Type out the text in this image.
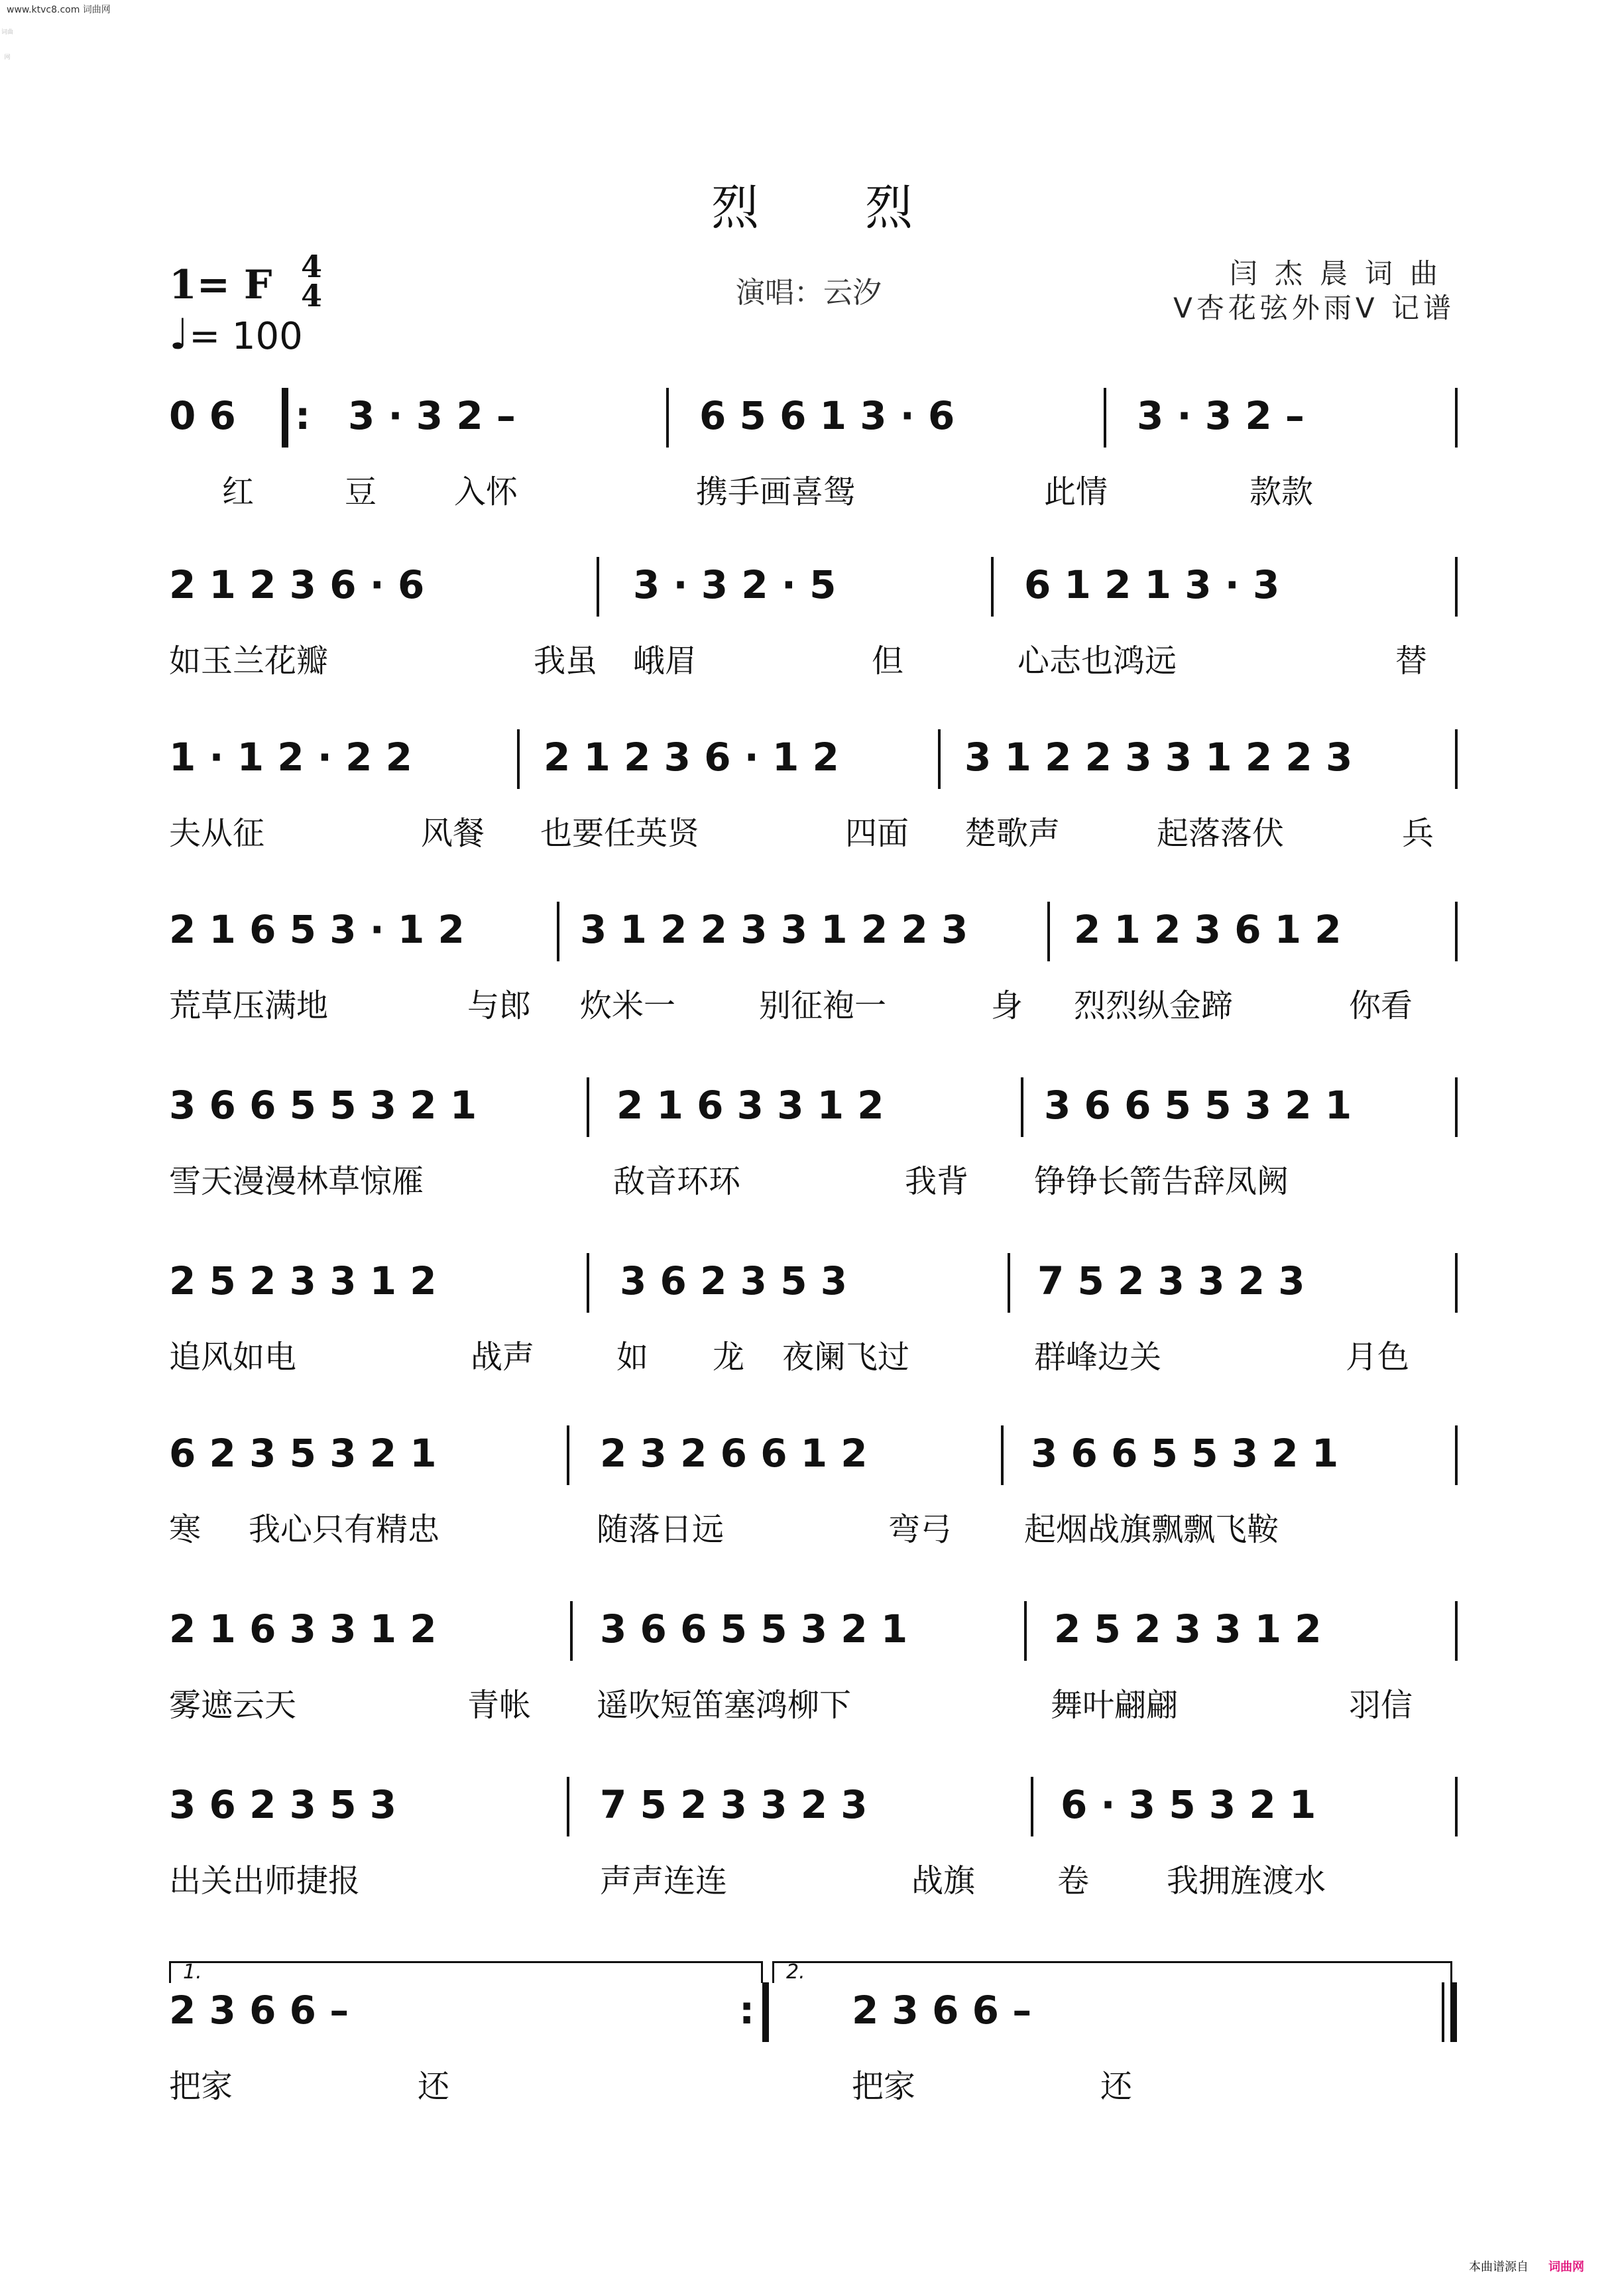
www.ktvc8.com 词曲网
词曲网
烈烈
1= F 4
4
♩= 100
演唱：云汐
闫杰晨词曲
V杏花弦外雨V 记谱
0 6 : 3 · 3 2 –	6 5 6 1 3 · 6	3 · 3 2 –

红

	豆

入怀

	携手画喜鸳

	此情

	款款

2 1 2 3 6 · 6	3 · 3 2 · 5	6 1 2 1 3 · 3

如玉兰花瓣

	我虽

峨眉

	但

	心志也鸿远

	替

1 · 1 2 · 2 2	2 1 2 3 6 · 1 2	3 1 2 2 3 3 1 2 2 3

夫从征

	风餐

也要任英贤

	四面

楚歌声

	起落落伏

	兵

2 1 6 5 3 · 1 2	3 1 2 2 3 3 1 2 2 3	2 1 2 3 6 1 2

荒草压满地

	与郎

炊米一

	别征袍一

	身

烈烈纵金蹄

	你看

3 6 6 5 5 3 2 1	2 1 6 3 3 1 2	3 6 6 5 5 3 2 1

雪天漫漫林草惊雁

	敌音环环

	我背

铮铮长箭告辞凤阙

2 5 2 3 3 1 2	3 6 2 3 5 3	7 5 2 3 3 2 3

追风如电

	战声

	如

龙

夜阑飞过

	群峰边关

	月色

6 2 3 5 3 2 1	2 3 2 6 6 1 2	3 6 6 5 5 3 2 1

寒

我心只有精忠

	随落日远

	弯弓

起烟战旗飘飘飞鞍

2 1 6 3 3 1 2	3 6 6 5 5 3 2 1	2 5 2 3 3 1 2

雾遮云天

	青帐

遥吹短笛塞鸿柳下

	舞叶翩翩

	羽信

3 6 2 3 5 3	7 5 2 3 3 2 3	6 · 3 5 3 2 1

出关出师捷报

	声声连连

	战旗

	卷

我拥旌渡水

1.	2.
2 3 6 6 –	:	2 3 6 6 –

把家

	还

	把家

	还

本曲谱源自 词曲网
